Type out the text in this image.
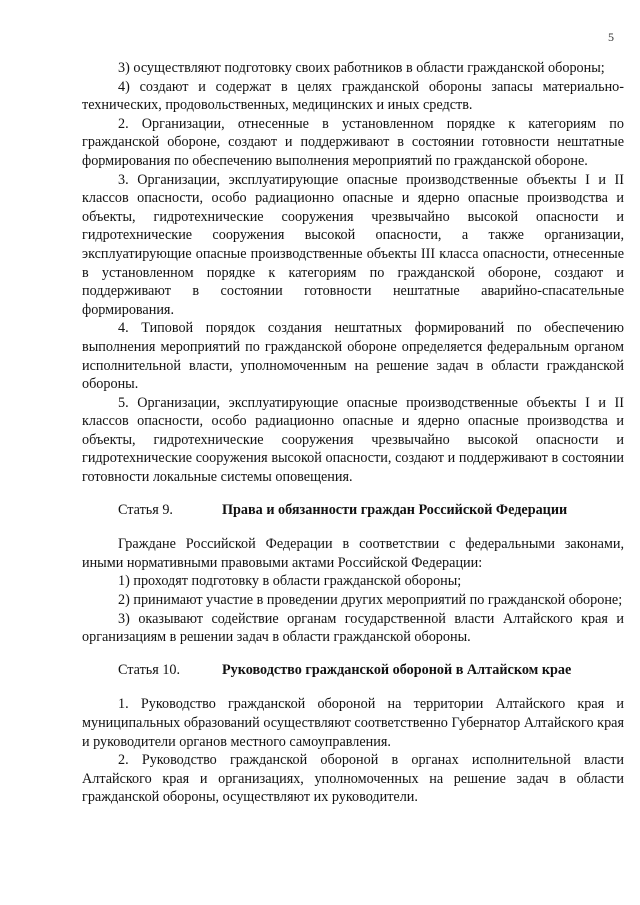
5

3) осуществляют подготовку своих работников в области гражданской обороны;

4) создают и содержат в целях гражданской обороны запасы материально-технических, продовольственных, медицинских и иных средств.

2. Организации, отнесенные в установленном порядке к категориям по гражданской обороне, создают и поддерживают в состоянии готовности нештатные формирования по обеспечению выполнения мероприятий по гражданской обороне.

3. Организации, эксплуатирующие опасные производственные объекты I и II классов опасности, особо радиационно опасные и ядерно опасные производства и объекты, гидротехнические сооружения чрезвычайно высокой опасности и гидротехнические сооружения высокой опасности, а также организации, эксплуатирующие опасные производственные объекты III класса опасности, отнесенные в установленном порядке к категориям по гражданской обороне, создают и поддерживают в состоянии готовности нештатные аварийно-спасательные формирования.

4. Типовой порядок создания нештатных формирований по обеспечению выполнения мероприятий по гражданской обороне определяется федеральным органом исполнительной власти, уполномоченным на решение задач в области гражданской обороны.

5. Организации, эксплуатирующие опасные производственные объекты I и II классов опасности, особо радиационно опасные и ядерно опасные производства и объекты, гидротехнические сооружения чрезвычайно высокой опасности и гидротехнические сооружения высокой опасности, создают и поддерживают в состоянии готовности локальные системы оповещения.

Статья 9.	Права и обязанности граждан Российской Федерации

Граждане Российской Федерации в соответствии с федеральными законами, иными нормативными правовыми актами Российской Федерации:

1) проходят подготовку в области гражданской обороны;

2) принимают участие в проведении других мероприятий по гражданской обороне;

3) оказывают содействие органам государственной власти Алтайского края и организациям в решении задач в области гражданской обороны.

Статья 10.	Руководство гражданской обороной в Алтайском крае

1. Руководство гражданской обороной на территории Алтайского края и муниципальных образований осуществляют соответственно Губернатор Алтайского края и руководители органов местного самоуправления.

2. Руководство гражданской обороной в органах исполнительной власти Алтайского края и организациях, уполномоченных на решение задач в области гражданской обороны, осуществляют их руководители.
